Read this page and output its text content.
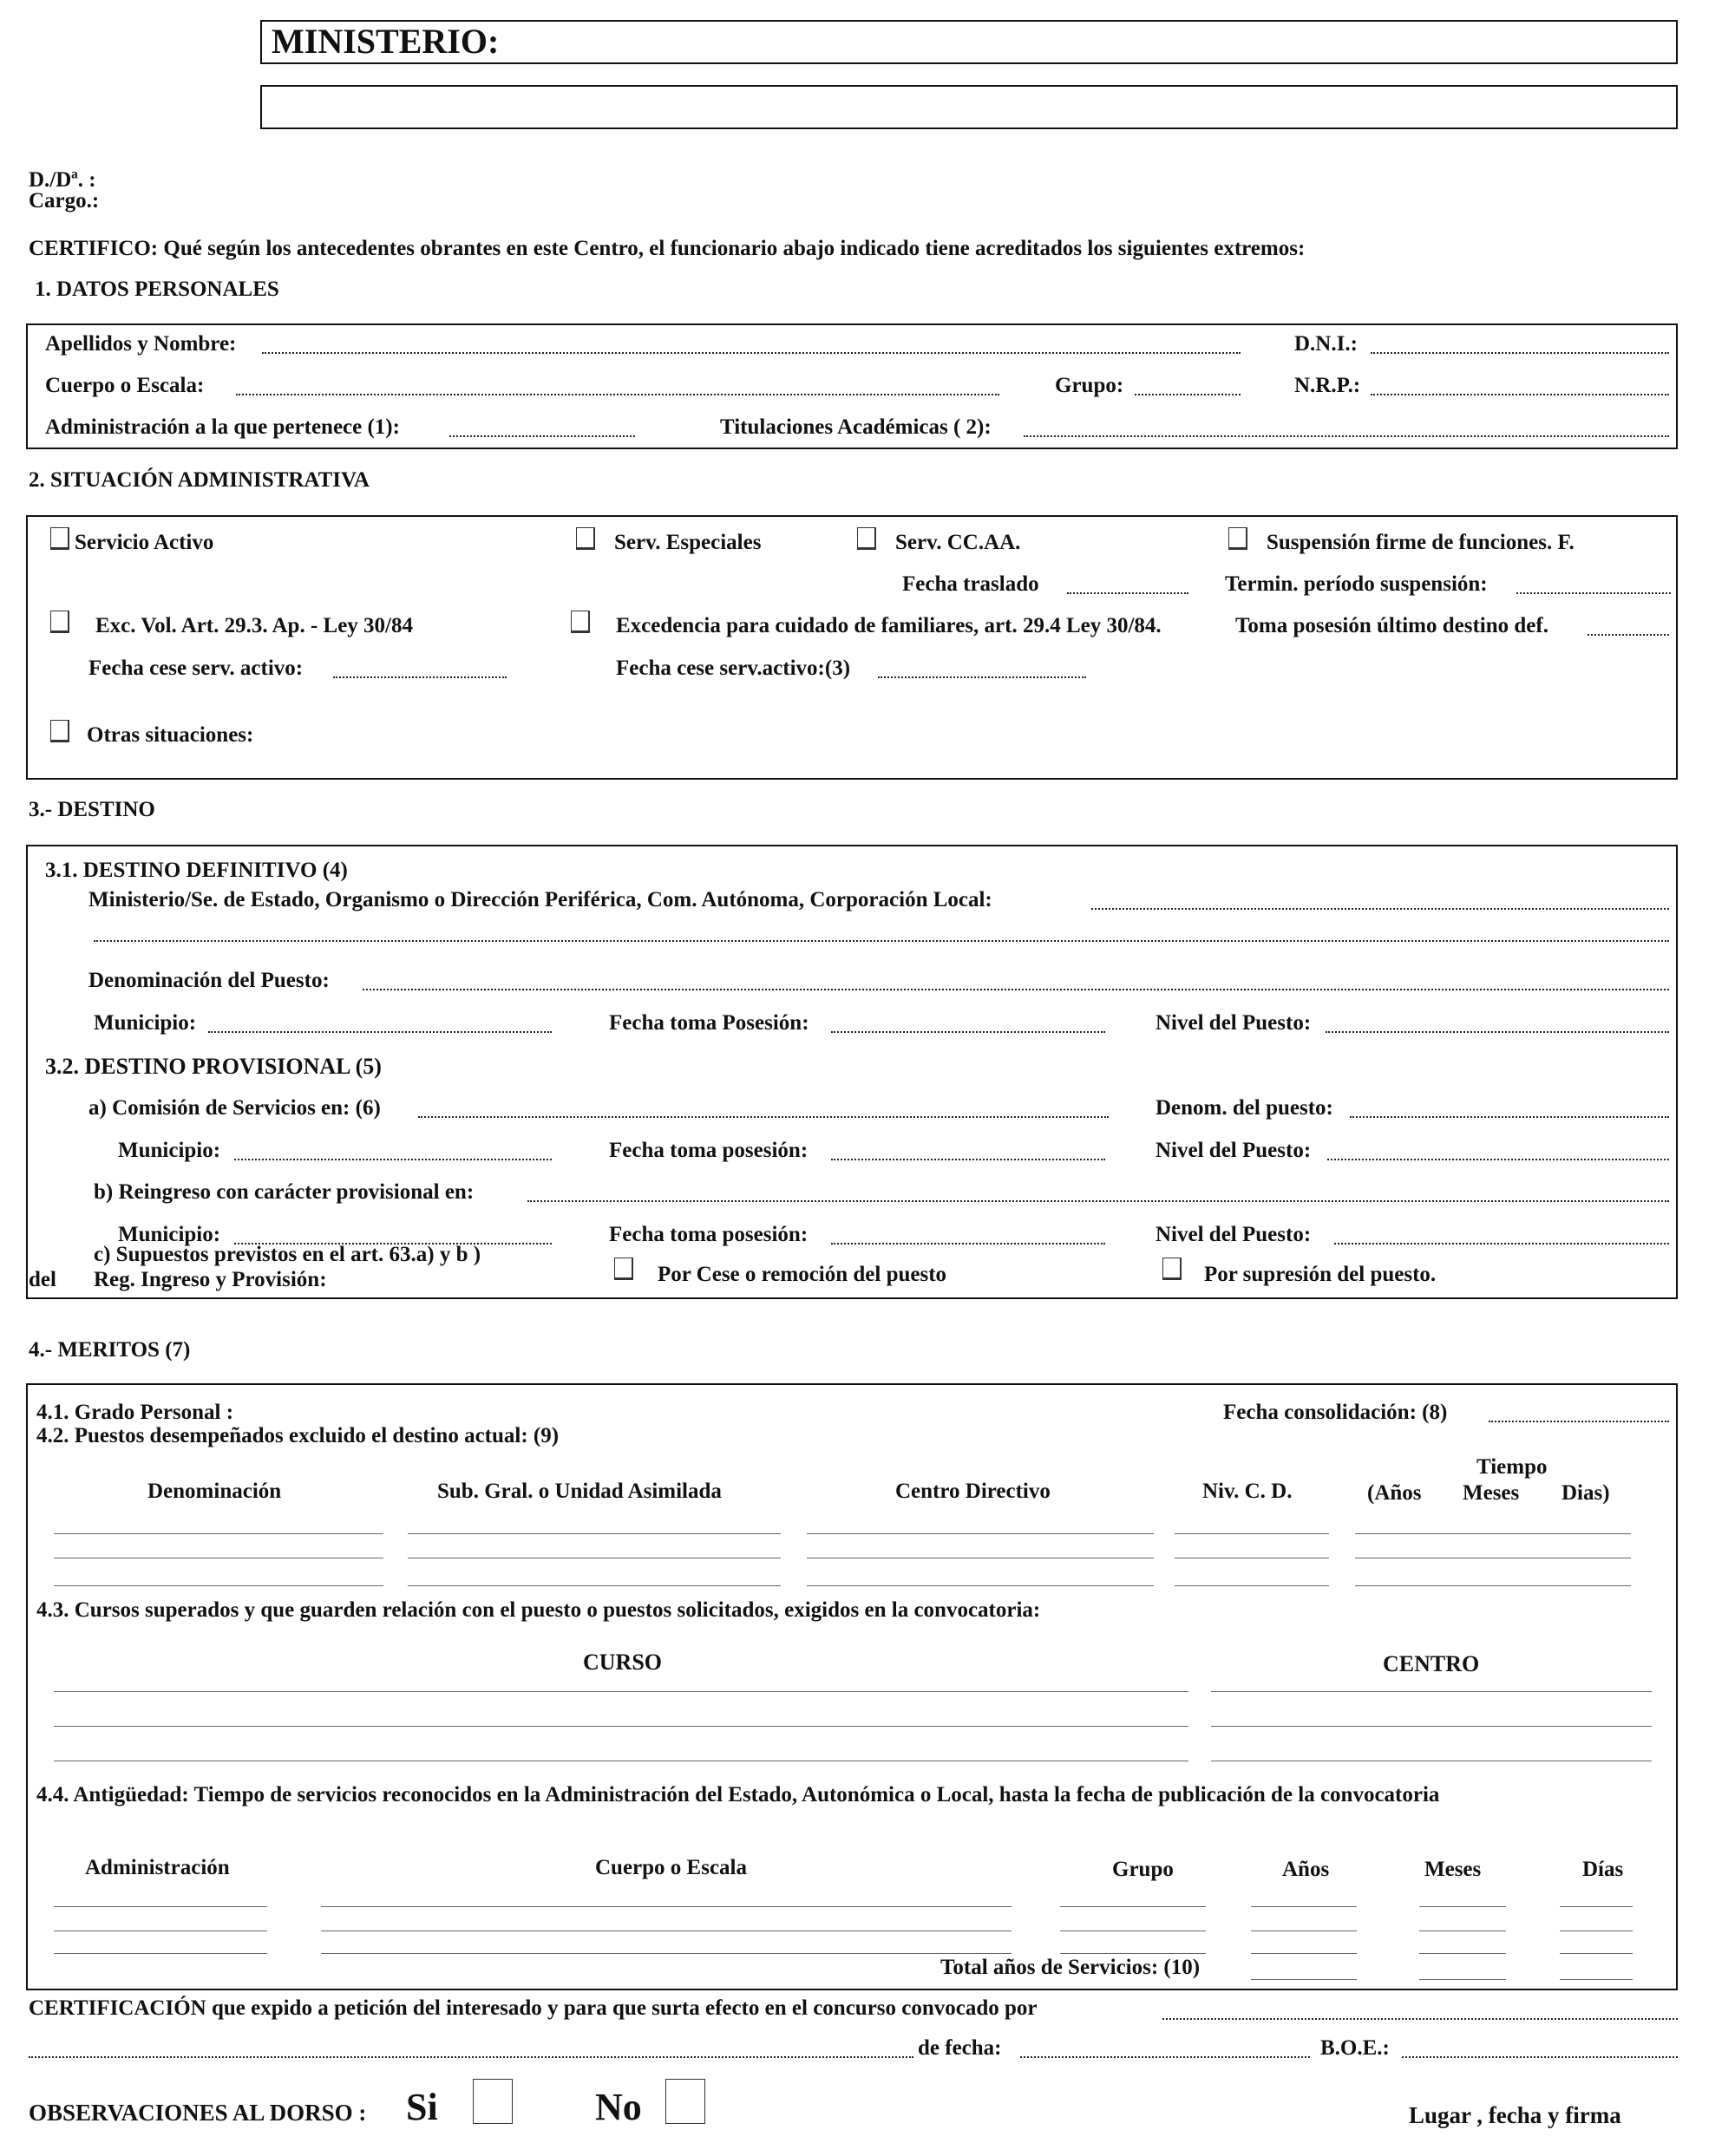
MINISTERIO:
D./Dª. :
Cargo.:
CERTIFICO: Qué según los antecedentes obrantes en este Centro, el funcionario abajo indicado tiene acreditados los siguientes extremos:
1. DATOS PERSONALES
Apellidos y Nombre:	D.N.I.:
Cuerpo o Escala:	Grupo:	N.R.P.:
Administración a la que pertenece (1):	Titulaciones Académicas ( 2):
2. SITUACIÓN ADMINISTRATIVA
Servicio Activo	Serv. Especiales	Serv. CC.AA.	Suspensión firme de funciones. F.
Fecha traslado	Termin. período suspensión:
Exc. Vol. Art. 29.3. Ap. - Ley 30/84	Excedencia para cuidado de familiares, art. 29.4 Ley 30/84.	Toma posesión último destino def.
Fecha cese serv. activo:	Fecha cese serv.activo:(3)
Otras situaciones:
3.- DESTINO
3.1. DESTINO DEFINITIVO (4)
Ministerio/Se. de Estado, Organismo o Dirección Periférica, Com. Autónoma, Corporación Local:
Denominación del Puesto:
Municipio:	Fecha toma Posesión:	Nivel del Puesto:
3.2. DESTINO PROVISIONAL (5)
a) Comisión de Servicios en: (6)	Denom. del puesto:
Municipio:	Fecha toma posesión:	Nivel del Puesto:
b) Reingreso con carácter provisional en:
Municipio:	Fecha toma posesión:	Nivel del Puesto:
c) Supuestos previstos en el art. 63.a) y b )
del Reg. Ingreso y Provisión:	Por Cese o remoción del puesto	Por supresión del puesto.
4.- MERITOS (7)
4.1. Grado Personal :	Fecha consolidación: (8)
4.2. Puestos desempeñados excluido el destino actual: (9)
Tiempo
Denominación	Sub. Gral. o Unidad Asimilada	Centro Directivo	Niv. C. D.	(Años Meses Dias)
4.3. Cursos superados y que guarden relación con el puesto o puestos solicitados, exigidos en la convocatoria:
CURSO	CENTRO
4.4. Antigüedad: Tiempo de servicios reconocidos en la Administración del Estado, Autonómica o Local, hasta la fecha de publicación de la convocatoria
Administración	Cuerpo o Escala	Grupo	Años	Meses	Días
Total años de Servicios: (10)
CERTIFICACIÓN que expido a petición del interesado y para que surta efecto en el concurso convocado por
de fecha:	B.O.E.:
OBSERVACIONES AL DORSO : Si	No	Lugar , fecha y firma
